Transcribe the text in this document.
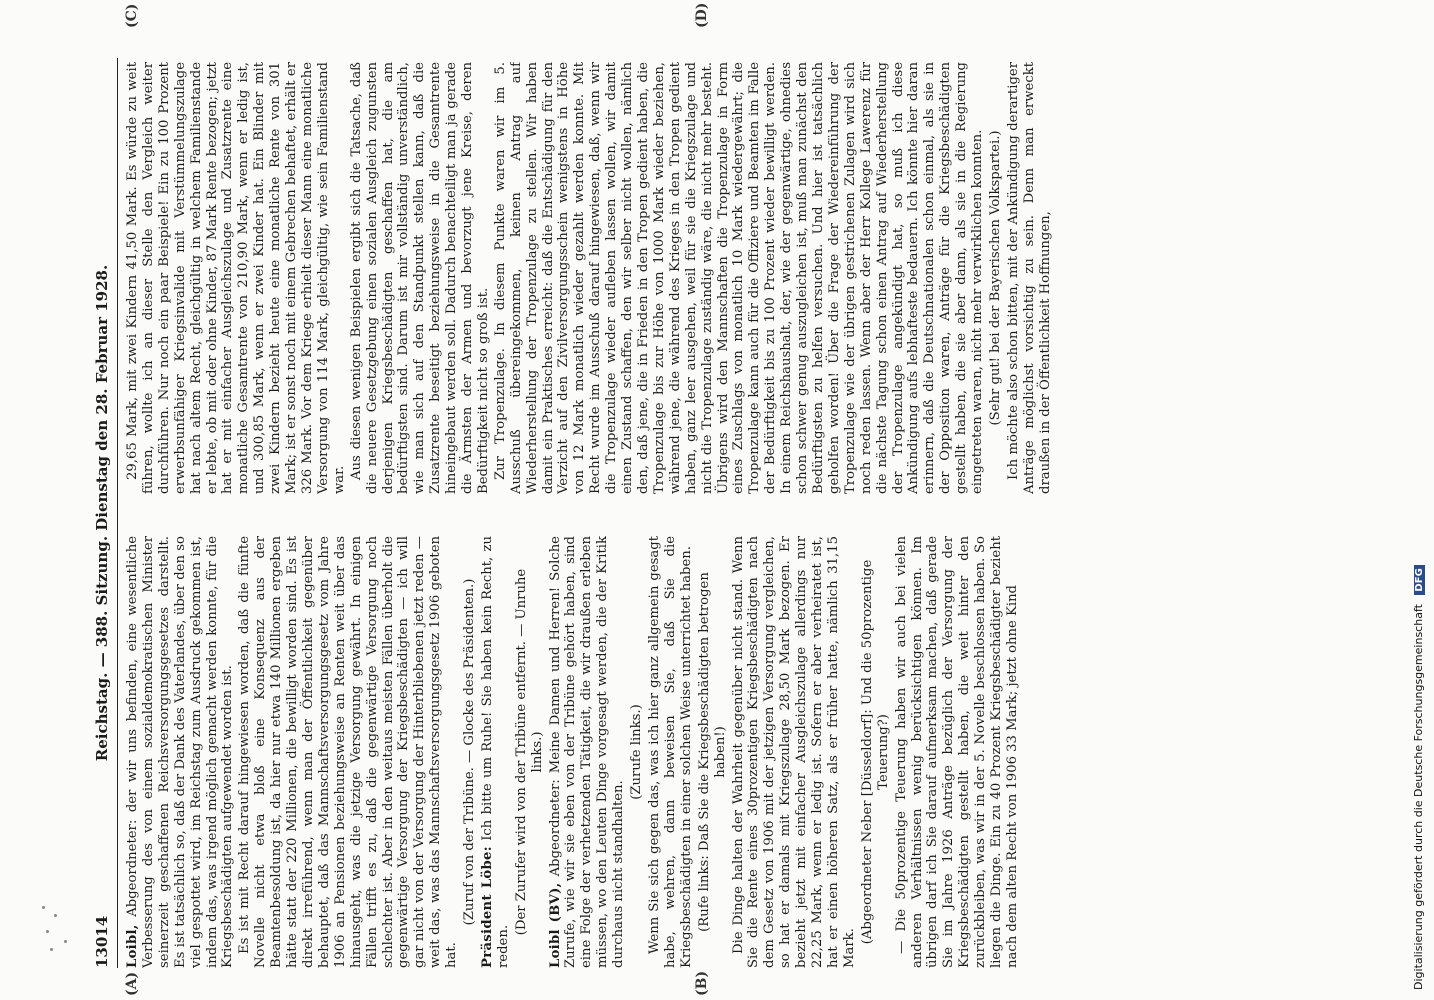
13014
Reichstag. — 388. Sitzung. Dienstag den 28. Februar 1928.
(A)	(B)
(C)	(D)

Loibl, Abgeordneter: der wir uns befinden, eine wesentliche Verbesserung des von einem sozialdemokratischen Minister seinerzeit geschaffenen Reichsversorgungsgesetzes darstellt. Es ist tatsächlich so, daß der Dank des Vaterlandes, über den so viel gespottet wird, im Reichstag zum Ausdruck gekommen ist, indem das, was irgend möglich gemacht werden konnte, für die Kriegsbeschädigten aufgewendet worden ist. Es ist mit Recht darauf hingewiesen worden, daß die fünfte Novelle nicht etwa bloß eine Konsequenz aus der Beamtenbesoldung ist, da hier nur etwa 140 Millionen ergeben hätte statt der 220 Millionen, die bewilligt worden sind. Es ist direkt irreführend, wenn man der Öffentlichkeit gegenüber behauptet, daß das Mannschaftsversorgungsgesetz vom Jahre 1906 an Pensionen beziehungsweise an Renten weit über das hinausgeht, was die jetzige Versorgung gewährt. In einigen Fällen trifft es zu, daß die gegenwärtige Versorgung noch schlechter ist. Aber in den weitaus meisten Fällen überholt die gegenwärtige Versorgung der Kriegsbeschädigten — ich will gar nicht von der Versorgung der Hinterbliebenen jetzt reden — weit das, was das Mannschaftsversorgungsgesetz 1906 geboten hat.

(Zuruf von der Tribüne. — Glocke des Präsidenten.) Präsident Löbe: Ich bitte um Ruhe! Sie haben kein Recht, zu reden.

(Der Zurufer wird von der Tribüne entfernt. — Unruhe links.)

Loibl (BV), Abgeordneter: Meine Damen und Herren! Solche Zurufe, wie wir sie eben von der Tribüne gehört haben, sind eine Folge der verhetzenden Tätigkeit, die wir draußen erleben müssen, wo den Leuten Dinge vorgesagt werden, die der Kritik durchaus nicht standhalten.

(Zurufe links.) Wenn Sie sich gegen das, was ich hier ganz allgemein gesagt habe, wehren, dann beweisen Sie, daß Sie die Kriegsbeschädigten in einer solchen Weise unterrichtet haben. (Rufe links: Daß Sie die Kriegsbeschädigten betrogen haben!) Die Dinge halten der Wahrheit gegenüber nicht stand. Wenn Sie die Rente eines 30prozentigen Kriegsbeschädigten nach dem Gesetz von 1906 mit der jetzigen Versorgung vergleichen, so hat er damals mit Kriegszulage 28,50 Mark bezogen. Er bezieht jetzt mit einfacher Ausgleichszulage allerdings nur 22,25 Mark, wenn er ledig ist. Sofern er aber verheiratet ist, hat er einen höheren Satz, als er früher hatte, nämlich 31,15 Mark.

(Abgeordneter Neber [Düsseldorf]: Und die 50prozentige Teuerung?) — Die 50prozentige Teuerung haben wir auch bei vielen anderen Verhältnissen wenig berücksichtigen können. Im übrigen darf ich Sie darauf aufmerksam machen, daß gerade Sie im Jahre 1926 Anträge bezüglich der Versorgung der Kriegsbeschädigten gestellt haben, die weit hinter den zurückbleiben, was wir in der 5. Novelle beschlossen haben. So liegen die Dinge. Ein zu 40 Prozent Kriegsbeschädigter bezieht nach dem alten Recht von 1906 33 Mark; jetzt ohne Kind

29,65 Mark, mit zwei Kindern 41,50 Mark. Es würde zu weit führen, wollte ich an dieser Stelle den Vergleich weiter durchführen. Nur noch ein paar Beispiele! Ein zu 100 Prozent erwerbsunfähiger Kriegsinvalide mit Verstümmelungszulage hat nach altem Recht, gleichgültig in welchem Familienstande er lebte, ob mit oder ohne Kinder, 87 Mark Rente bezogen; jetzt hat er mit einfacher Ausgleichszulage und Zusatzrente eine monatliche Gesamtrente von 210,90 Mark, wenn er ledig ist, und 300,85 Mark, wenn er zwei Kinder hat. Ein Blinder mit zwei Kindern bezieht heute eine monatliche Rente von 301 Mark; ist er sonst noch mit einem Gebrechen behaftet, erhält er 326 Mark. Vor dem Kriege erhielt dieser Mann eine monatliche Versorgung von 114 Mark, gleichgültig, wie sein Familienstand war. Aus diesen wenigen Beispielen ergibt sich die Tatsache, daß die neuere Gesetzgebung einen sozialen Ausgleich zugunsten derjenigen Kriegsbeschädigten geschaffen hat, die am bedürftigsten sind. Darum ist mir vollständig unverständlich, wie man sich auf den Standpunkt stellen kann, daß die Zusatzrente beseitigt beziehungsweise in die Gesamtrente hineingebaut werden soll. Dadurch benachteiligt man ja gerade die Ärmsten der Armen und bevorzugt jene Kreise, deren Bedürftigkeit nicht so groß ist. Zur Tropenzulage. In diesem Punkte waren wir im 5. Ausschuß übereingekommen, keinen Antrag auf Wiederherstellung der Tropenzulage zu stellen. Wir haben damit ein Praktisches erreicht: daß die Entschädigung für den Verzicht auf den Zivilversorgungsschein wenigstens in Höhe von 12 Mark monatlich wieder gezahlt werden konnte. Mit Recht wurde im Ausschuß darauf hingewiesen, daß, wenn wir die Tropenzulage wieder aufleben lassen wollen, wir damit einen Zustand schaffen, den wir selber nicht wollen, nämlich den, daß jene, die in Frieden in den Tropen gedient haben, die Tropenzulage bis zur Höhe von 1000 Mark wieder beziehen, während jene, die während des Krieges in den Tropen gedient haben, ganz leer ausgehen, weil für sie die Kriegszulage und nicht die Tropenzulage zuständig wäre, die nicht mehr besteht. Übrigens wird den Mannschaften die Tropenzulage in Form eines Zuschlags von monatlich 10 Mark wiedergewährt; die Tropenzulage kann auch für die Offiziere und Beamten im Falle der Bedürftigkeit bis zu 100 Prozent wieder bewilligt werden. In einem Reichshaushalt, der, wie der gegenwärtige, ohnedies schon schwer genug auszugleichen ist, muß man zunächst den Bedürftigsten zu helfen versuchen. Und hier ist tatsächlich geholfen worden! Über die Frage der Wiedereinführung der Tropenzulage wie der übrigen gestrichenen Zulagen wird sich noch reden lassen. Wenn aber der Herr Kollege Lawerenz für die nächste Tagung schon einen Antrag auf Wiederherstellung der Tropenzulage angekündigt hat, so muß ich diese Ankündigung aufs lebhafteste bedauern. Ich könnte hier daran erinnern, daß die Deutschnationalen schon einmal, als sie in der Opposition waren, Anträge für die Kriegsbeschädigten gestellt haben, die sie aber dann, als sie in die Regierung eingetreten waren, nicht mehr verwirklichen konnten. (Sehr gut! bei der Bayerischen Volkspartei.) Ich möchte also schon bitten, mit der Ankündigung derartiger Anträge möglichst vorsichtig zu sein. Denn man erweckt draußen in der Öffentlichkeit Hoffnungen,

Digitalisierung gefördert durch die Deutsche Forschungsgemeinschaft DFG
